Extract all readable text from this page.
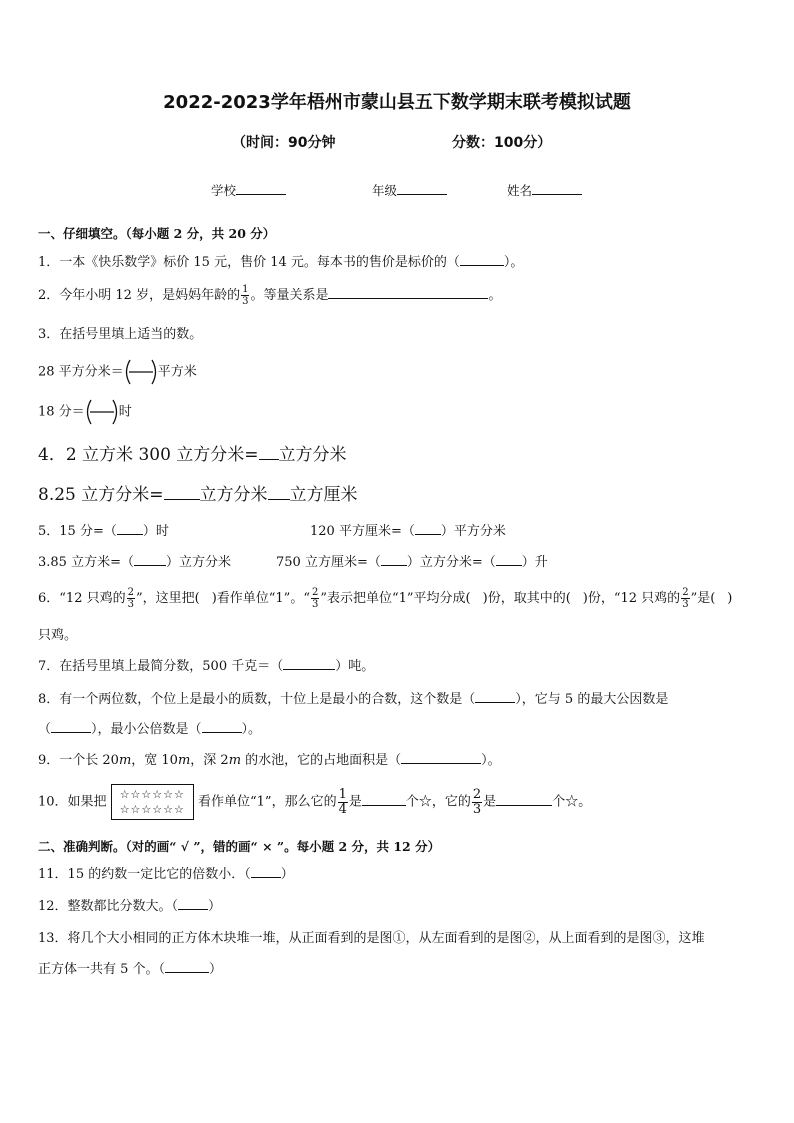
2022-2023学年梧州市蒙山县五下数学期末联考模拟试题
（时间：90分钟	分数：100分）
学校	年级	姓名
一、仔细填空。（每小题 2 分，共 20 分）
1．一本《快乐数学》标价 15 元，售价 14 元。每本书的售价是标价的（	）。
2．今年小明 12 岁，是妈妈年龄的 $\frac{1}{3}$ 。等量关系是	。
3．在括号里填上适当的数。
28 平方分米＝	平方米
18 分＝	时
4．2 立方米 300 立方分米= 立方分米
8.25 立方分米= 立方分米 立方厘米
5．15 分=（ ）时	120 平方厘米=（ ）平方分米
3.85 立方米=（ ）立方分米	750 立方厘米=（ ）立方分米=（ ）升
6．“12 只鸡的 $\frac{2}{3}$ ”，这里把( )看作单位“1”。“ $\frac{2}{3}$ ”表示把单位“1”平均分成( )份，取其中的( )份，“12 只鸡的 $\frac{2}{3}$ ”是( )
只鸡。
7．在括号里填上最简分数，500 千克＝（	）吨。
8．有一个两位数，个位上是最小的质数，十位上是最小的合数，这个数是（	），它与 5 的最大公因数是
（	），最小公倍数是（	）。
9．一个长 20m，宽 10m，深 2m 的水池，它的占地面积是（	）。
10．如果把 ☆☆☆☆☆☆
☆☆☆☆☆☆ 看作单位“1”，那么它的 $\frac{1}{4}$ 是	个☆，它的 $\frac{2}{3}$ 是	个☆。
二、准确判断。（对的画“ √ ”，错的画“ × ”。每小题 2 分，共 12 分）
11．15 的约数一定比它的倍数小．（ ）
12．整数都比分数大。（ ）
13．将几个大小相同的正方体木块堆一堆，从正面看到的是图①，从左面看到的是图②，从上面看到的是图③，这堆
正方体一共有 5 个。（	）
